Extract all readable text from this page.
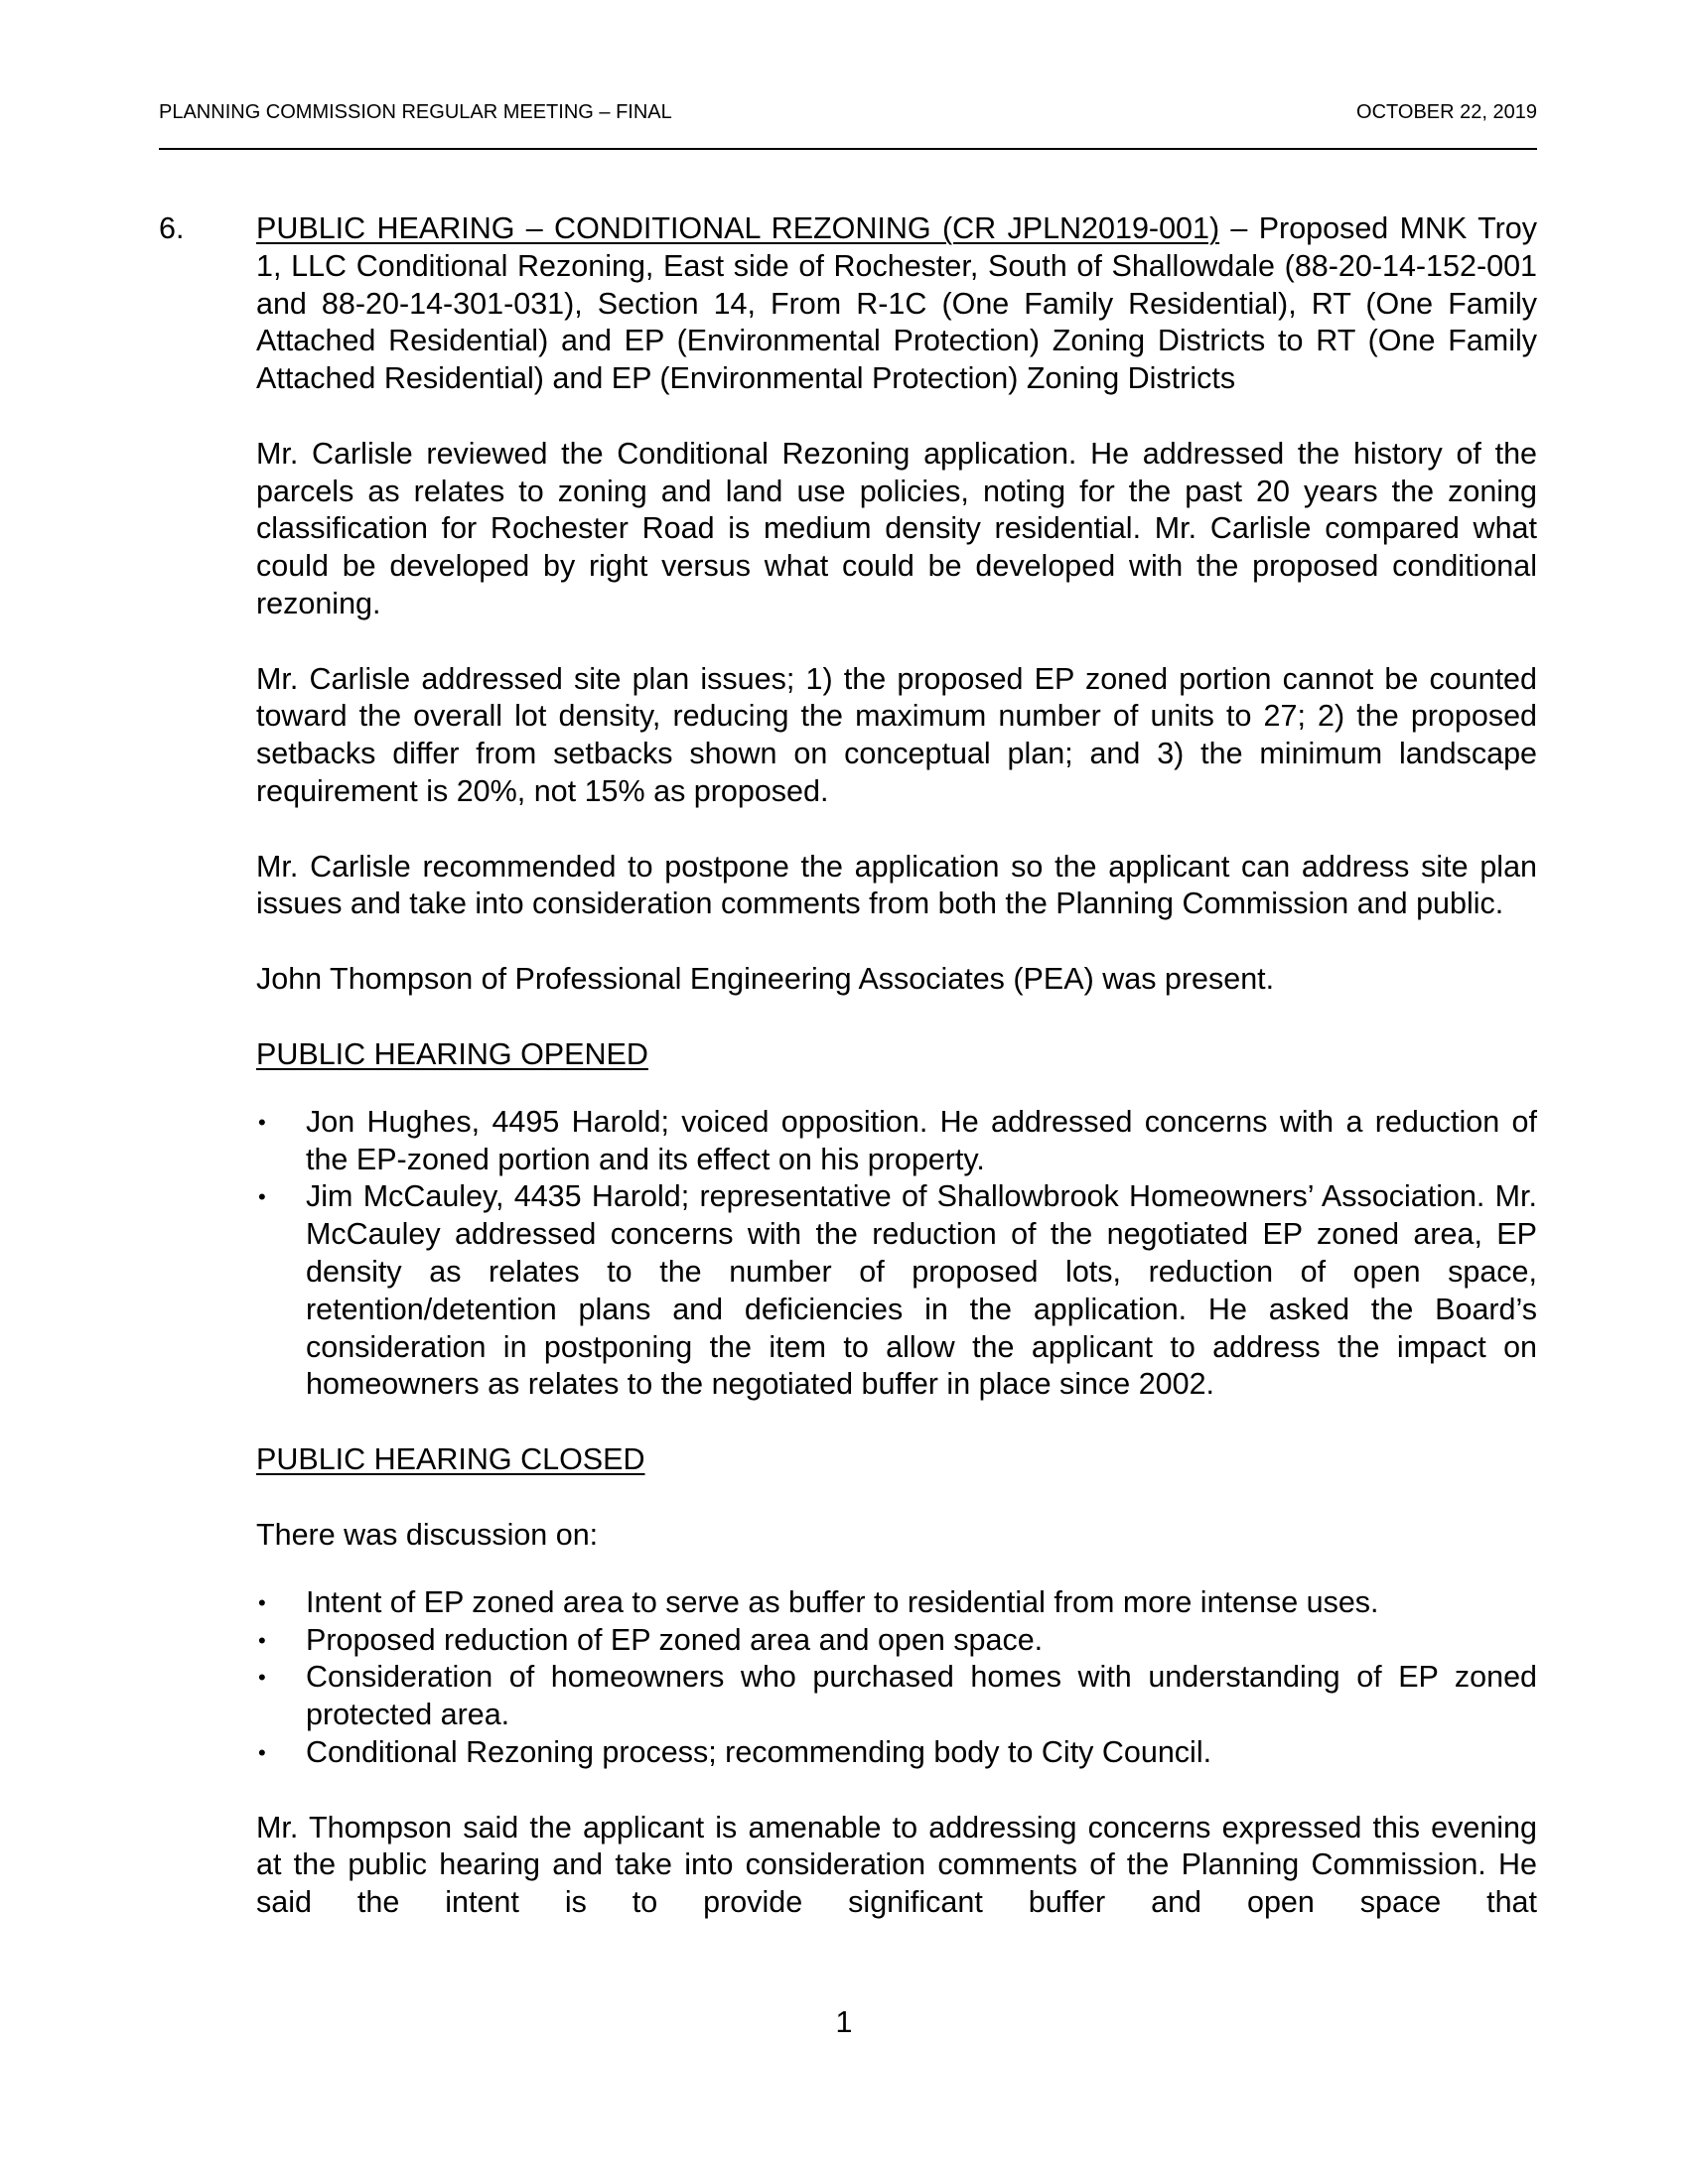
PLANNING COMMISSION REGULAR MEETING – FINAL	OCTOBER 22, 2019
6. PUBLIC HEARING – CONDITIONAL REZONING (CR JPLN2019-001) – Proposed MNK Troy 1, LLC Conditional Rezoning, East side of Rochester, South of Shallowdale (88-20-14-152-001 and 88-20-14-301-031), Section 14, From R-1C (One Family Residential), RT (One Family Attached Residential) and EP (Environmental Protection) Zoning Districts to RT (One Family Attached Residential) and EP (Environmental Protection) Zoning Districts

Mr. Carlisle reviewed the Conditional Rezoning application. He addressed the history of the parcels as relates to zoning and land use policies, noting for the past 20 years the zoning classification for Rochester Road is medium density residential. Mr. Carlisle compared what could be developed by right versus what could be developed with the proposed conditional rezoning.

Mr. Carlisle addressed site plan issues; 1) the proposed EP zoned portion cannot be counted toward the overall lot density, reducing the maximum number of units to 27; 2) the proposed setbacks differ from setbacks shown on conceptual plan; and 3) the minimum landscape requirement is 20%, not 15% as proposed.

Mr. Carlisle recommended to postpone the application so the applicant can address site plan issues and take into consideration comments from both the Planning Commission and public.

John Thompson of Professional Engineering Associates (PEA) was present.

PUBLIC HEARING OPENED

• Jon Hughes, 4495 Harold; voiced opposition. He addressed concerns with a reduction of the EP-zoned portion and its effect on his property.
• Jim McCauley, 4435 Harold; representative of Shallowbrook Homeowners’ Association. Mr. McCauley addressed concerns with the reduction of the negotiated EP zoned area, EP density as relates to the number of proposed lots, reduction of open space, retention/detention plans and deficiencies in the application. He asked the Board’s consideration in postponing the item to allow the applicant to address the impact on homeowners as relates to the negotiated buffer in place since 2002.

PUBLIC HEARING CLOSED

There was discussion on:

• Intent of EP zoned area to serve as buffer to residential from more intense uses.
• Proposed reduction of EP zoned area and open space.
• Consideration of homeowners who purchased homes with understanding of EP zoned protected area.
• Conditional Rezoning process; recommending body to City Council.

Mr. Thompson said the applicant is amenable to addressing concerns expressed this evening at the public hearing and take into consideration comments of the Planning Commission. He said the intent is to provide significant buffer and open space that

1
